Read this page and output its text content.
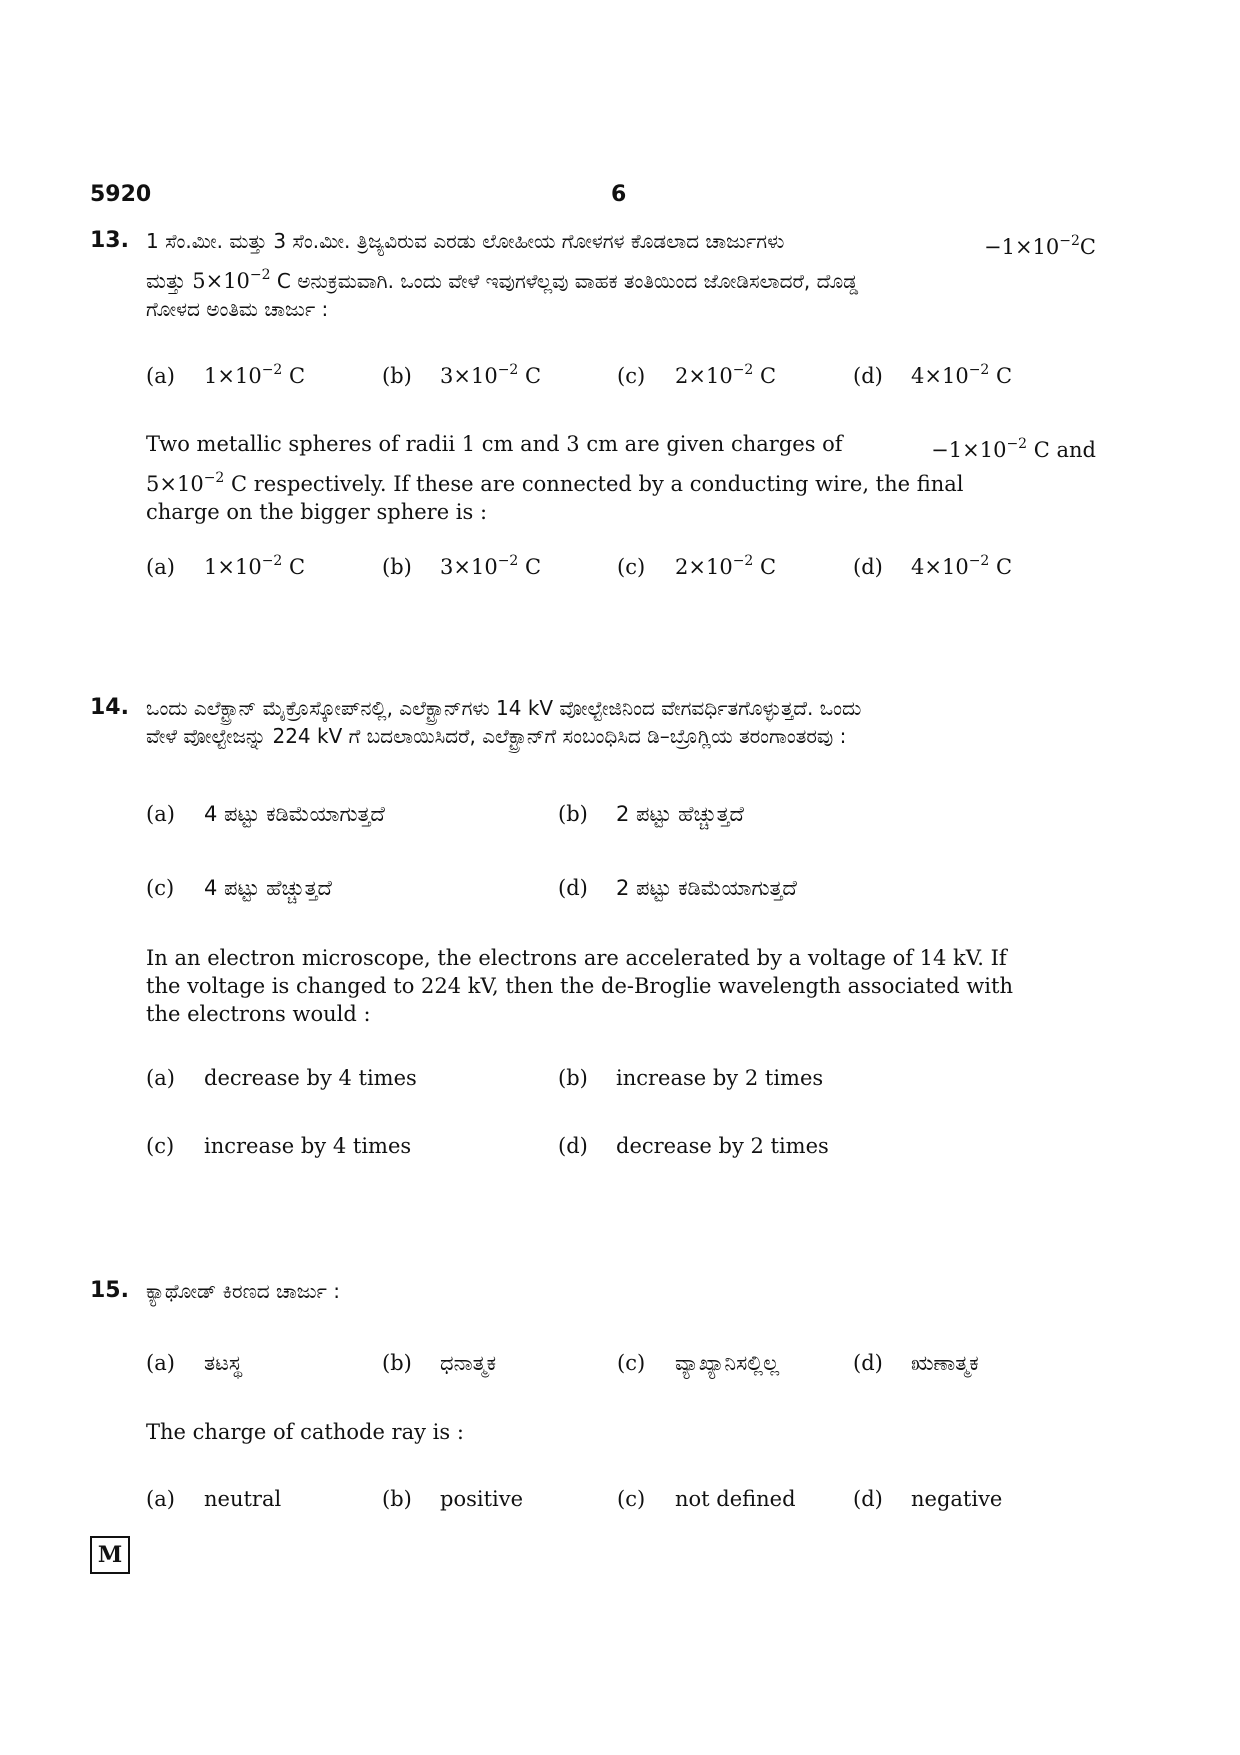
5920	6
13. 1 ಸೆಂ.ಮೀ. ಮತ್ತು 3 ಸೆಂ.ಮೀ. ತ್ರಿಜ್ಯವಿರುವ ಎರಡು ಲೋಹೀಯ ಗೋಳಗಳ ಕೊಡಲಾದ ಚಾರ್ಜುಗಳು	$-1\times 10^{-2}C$
ಮತ್ತು $5\times 10^{-2}$ C ಅನುಕ್ರಮವಾಗಿ. ಒಂದು ವೇಳೆ ಇವುಗಳೆಲ್ಲವು ವಾಹಕ ತಂತಿಯಿಂದ ಜೋಡಿಸಲಾದರೆ, ದೊಡ್ಡ
ಗೋಳದ ಅಂತಿಮ ಚಾರ್ಜು :
(a) $1\times 10^{-2}$ C	(b) $3\times 10^{-2}$ C	(c) $2\times 10^{-2}$ C	(d) $4\times 10^{-2}$ C
Two metallic spheres of radii 1 cm and 3 cm are given charges of	$-1\times 10^{-2}$ C and
$5\times 10^{-2}$ C respectively. If these are connected by a conducting wire, the final
charge on the bigger sphere is :
(a) $1\times 10^{-2}$ C	(b) $3\times 10^{-2}$ C	(c) $2\times 10^{-2}$ C	(d) $4\times 10^{-2}$ C
14. ಒಂದು ಎಲೆಕ್ಟ್ರಾನ್ ಮೈಕ್ರೊಸ್ಕೋಪ್‌ನಲ್ಲಿ, ಎಲೆಕ್ಟ್ರಾನ್‌ಗಳು 14 kV ವೋಲ್ಟೇಜಿನಿಂದ ವೇಗವರ್ಧಿತಗೊಳ್ಳುತ್ತದೆ. ಒಂದು
ವೇಳೆ ವೋಲ್ಟೇಜನ್ನು 224 kV ಗೆ ಬದಲಾಯಿಸಿದರೆ, ಎಲೆಕ್ಟ್ರಾನ್‌ಗೆ ಸಂಬಂಧಿಸಿದ ಡಿ–ಬ್ರೊಗ್ಲಿಯ ತರಂಗಾಂತರವು :
(a) 4 ಪಟ್ಟು ಕಡಿಮೆಯಾಗುತ್ತದೆ	(b) 2 ಪಟ್ಟು ಹೆಚ್ಚುತ್ತದೆ
(c) 4 ಪಟ್ಟು ಹೆಚ್ಚುತ್ತದೆ	(d) 2 ಪಟ್ಟು ಕಡಿಮೆಯಾಗುತ್ತದೆ
In an electron microscope, the electrons are accelerated by a voltage of 14 kV. If
the voltage is changed to 224 kV, then the de-Broglie wavelength associated with
the electrons would :
(a) decrease by 4 times	(b) increase by 2 times
(c) increase by 4 times	(d) decrease by 2 times
15. ಕ್ಯಾಥೋಡ್ ಕಿರಣದ ಚಾರ್ಜು :
(a) ತಟಸ್ಥ	(b) ಧನಾತ್ಮಕ	(c) ವ್ಯಾಖ್ಯಾನಿಸಲ್ಲಿಲ್ಲ	(d) ಋಣಾತ್ಮಕ
The charge of cathode ray is :
(a) neutral	(b) positive	(c) not defined	(d) negative
M
